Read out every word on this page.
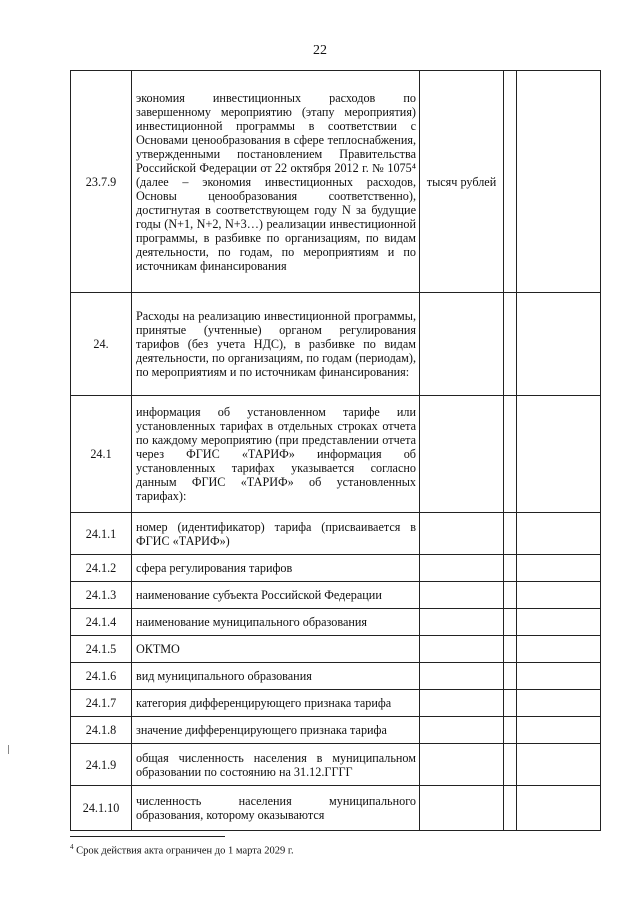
22
23.7.9	экономия инвестиционных расходов по завершенному мероприятию (этапу мероприятия) инвестиционной программы в соответствии с Основами ценообразования в сфере теплоснабжения, утвержденными постановлением Правительства Российской Федерации от 22 октября 2012 г. № 1075⁴ (далее – экономия инвестиционных расходов, Основы ценообразования соответственно), достигнутая в соответствующем году N за будущие годы (N+1, N+2, N+3…) реализации инвестиционной программы, в разбивке по организациям, по видам деятельности, по годам, по мероприятиям и по источникам финансирования	тысяч рублей		
24.	Расходы на реализацию инвестиционной программы, принятые (учтенные) органом регулирования тарифов (без учета НДС), в разбивке по видам деятельности, по организациям, по годам (периодам), по мероприятиям и по источникам финансирования:			
24.1	информация об установленном тарифе или установленных тарифах в отдельных строках отчета по каждому мероприятию (при представлении отчета через ФГИС «ТАРИФ» информация об установленных тарифах указывается согласно данным ФГИС «ТАРИФ» об установленных тарифах):			
24.1.1	номер (идентификатор) тарифа (присваивается в ФГИС «ТАРИФ»)			
24.1.2	сфера регулирования тарифов			
24.1.3	наименование субъекта Российской Федерации			
24.1.4	наименование муниципального образования			
24.1.5	ОКТМО			
24.1.6	вид муниципального образования			
24.1.7	категория дифференцирующего признака тарифа			
24.1.8	значение дифференцирующего признака тарифа			
24.1.9	общая численность населения в муниципальном образовании по состоянию на 31.12.ГГГГ			
24.1.10	численность населения муниципального образования, которому оказываются			

$^4$ Срок действия акта ограничен до 1 марта 2029 г.
